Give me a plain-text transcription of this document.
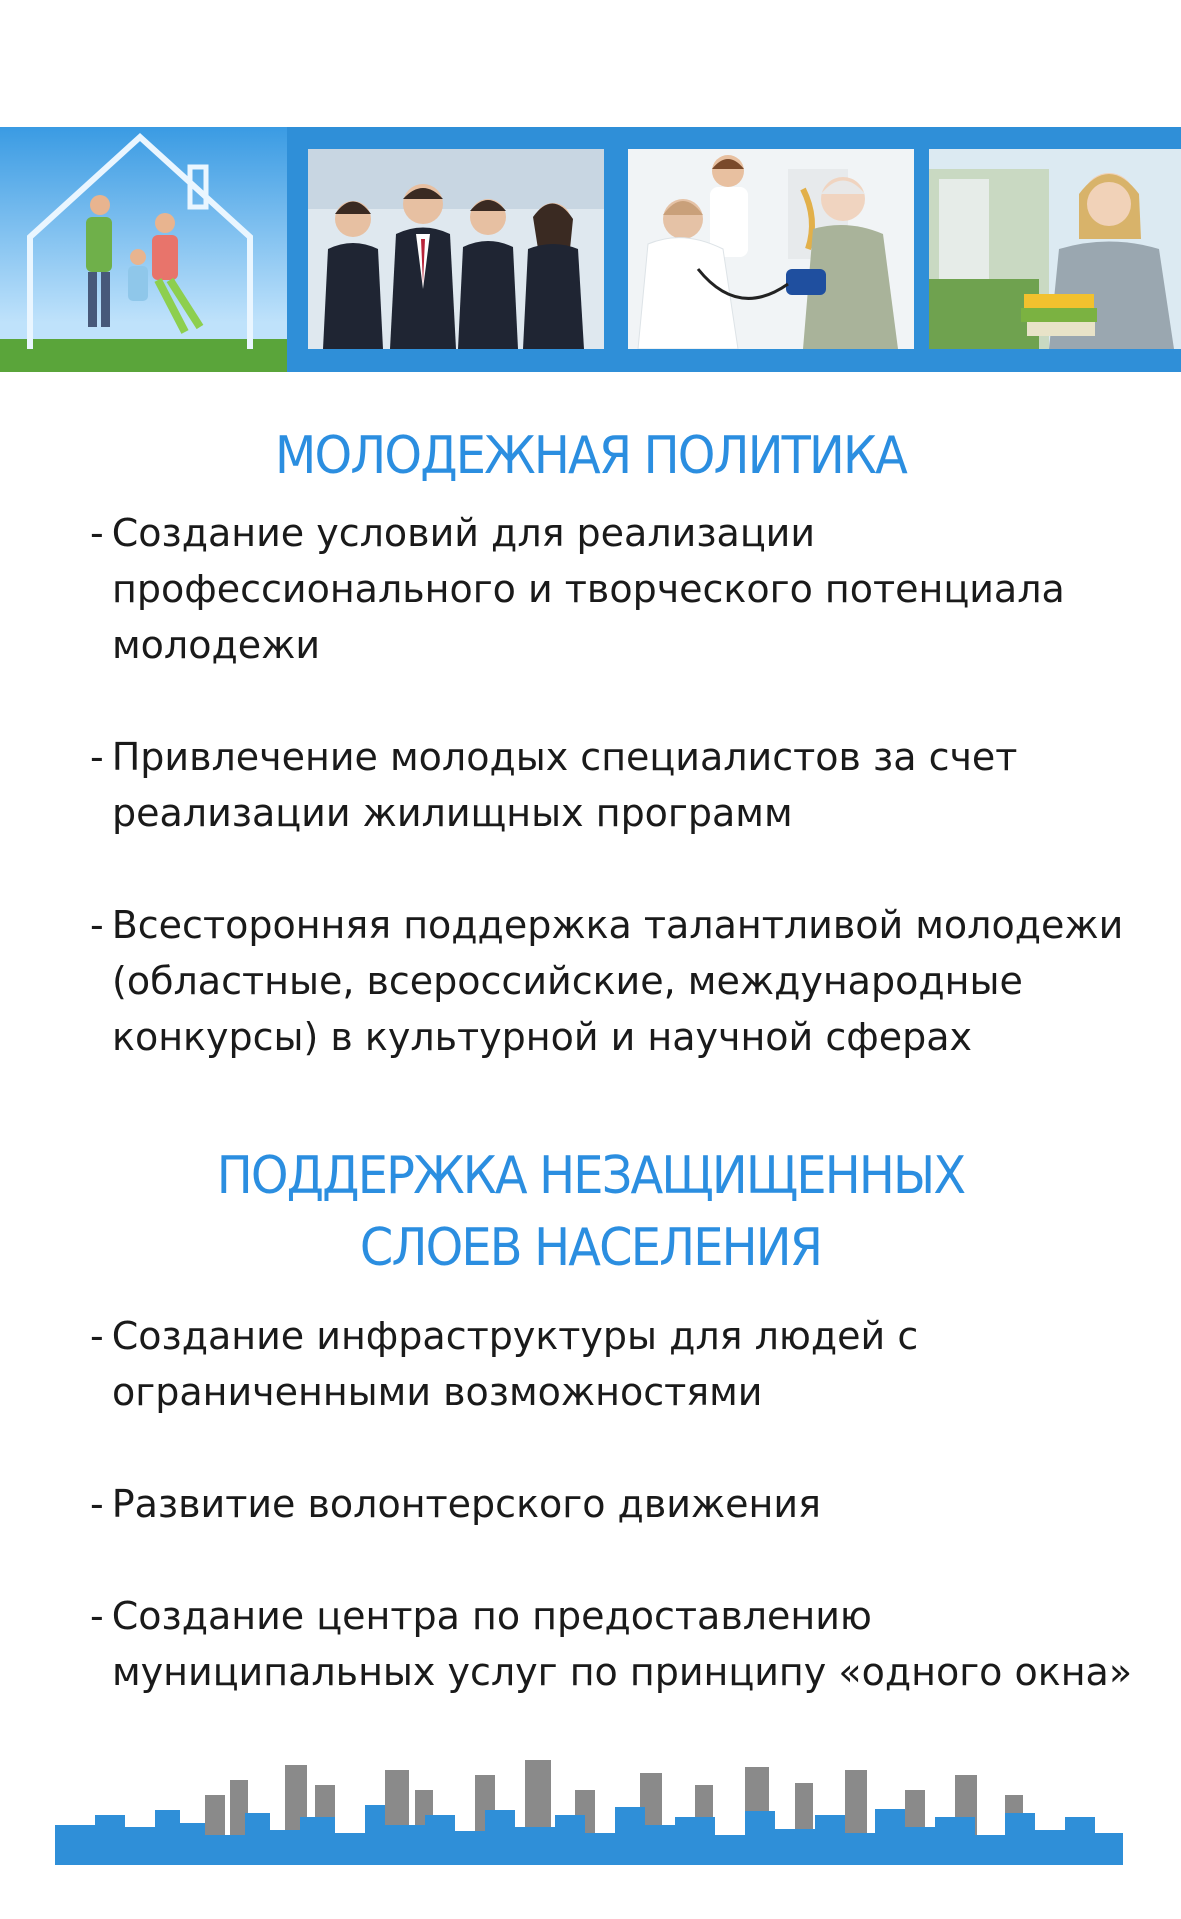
МОЛОДЕЖНАЯ ПОЛИТИКА
- Создание условий для реализации профессионального и творческого потенциала молодежи
- Привлечение молодых специалистов за счет реализации жилищных программ
- Всесторонняя поддержка талантливой молодежи (областные, всероссийские, международные конкурсы) в культурной и научной сферах
ПОДДЕРЖКА НЕЗАЩИЩЕННЫХ
СЛОЕВ НАСЕЛЕНИЯ
- Создание инфраструктуры для людей с ограниченными возможностями
- Развитие волонтерского движения
- Создание центра по предоставлению муниципальных услуг по принципу «одного окна»
